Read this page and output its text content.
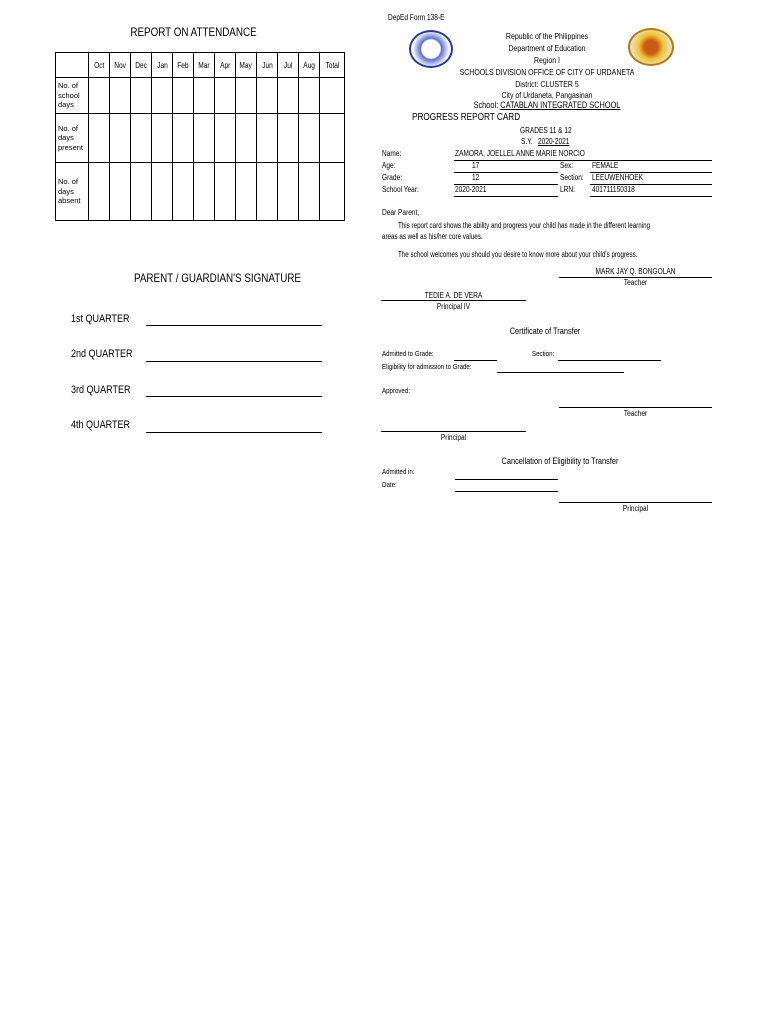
REPORT ON ATTENDANCE
	Oct	Nov	Dec	Jan	Feb	Mar	Apr	May	Jun	Jul	Aug	Total
No. of school days												
No. of days present												
No. of days absent												
PARENT / GUARDIAN'S SIGNATURE
1st QUARTER
2nd QUARTER
3rd QUARTER
4th QUARTER
DepEd Form 138-E
Republic of the Philippines
Department of Education
Region I
SCHOOLS DIVISION OFFICE OF CITY OF URDANETA
District: CLUSTER 5
City of Urdaneta, Pangasinan
School: CATABLAN INTEGRATED SCHOOL
PROGRESS REPORT CARD
GRADES 11 & 12
S.Y. 2020-2021
Name:	ZAMORA, JOELLEL ANNE MARIE NORCIO
Age:	17	Sex: FEMALE
Grade:	12	Section: LEEUWENHOEK
School Year:	2020-2021	LRN: 401711150318
Dear Parent,
This report card shows the ability and progress your child has made in the different learning
areas as well as his/her core values.
The school welcomes you should you desire to know more about your child's progress.
MARK JAY Q. BONGOLAN
Teacher
TEDIE A. DE VERA
Principal IV
Certificate of Transfer
Admitted to Grade:	Section:
Eligibility for admission to Grade:
Approved:
Teacher
Principal
Cancellation of Eligibility to Transfer
Admitted in:
Date:
Principal
